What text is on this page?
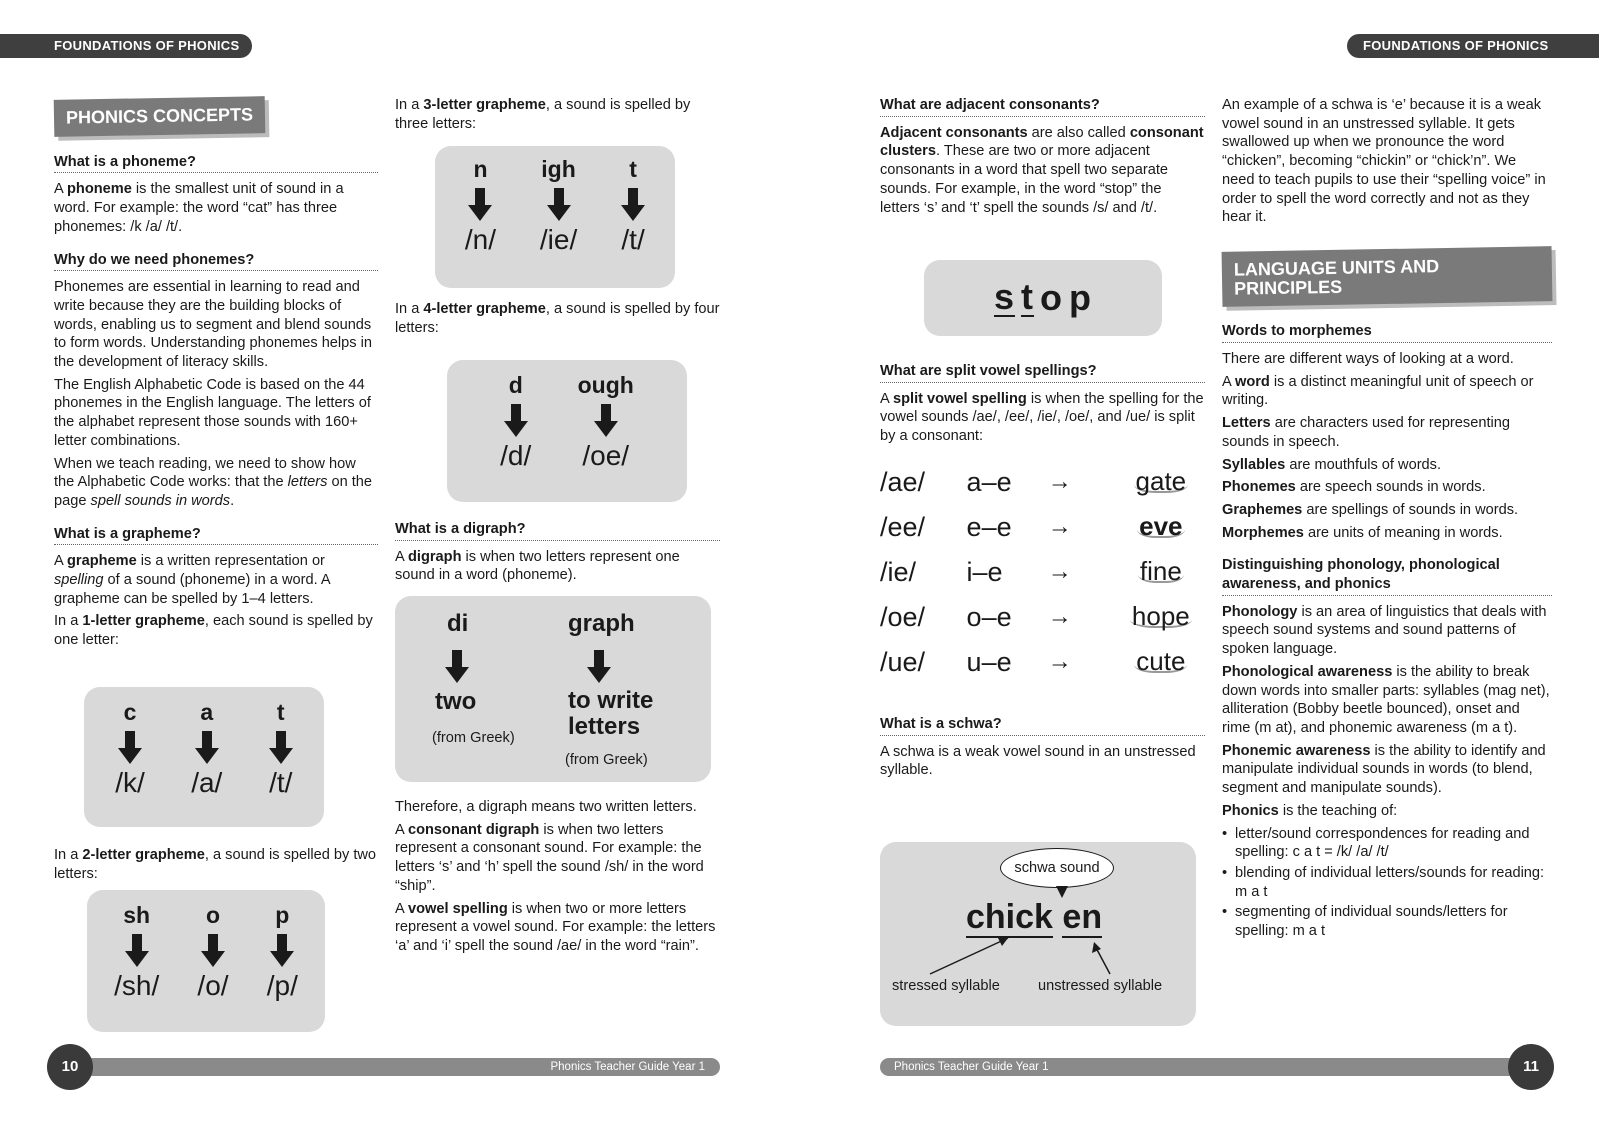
FOUNDATIONS OF PHONICS	FOUNDATIONS OF PHONICS
PHONICS CONCEPTS
What is a phoneme?

A phoneme is the smallest unit of sound in a word. For example: the word “cat” has three phonemes: /k /a/ /t/.

Why do we need phonemes?

Phonemes are essential in learning to read and write because they are the building blocks of words, enabling us to segment and blend sounds to form words. Understanding phonemes helps in the development of literacy skills.

The English Alphabetic Code is based on the 44 phonemes in the English language. The letters of the alphabet represent those sounds with 160+ letter combinations.

When we teach reading, we need to show how the Alphabetic Code works: that the letters on the page spell sounds in words.

What is a grapheme?

A grapheme is a written representation or spelling of a sound (phoneme) in a word. A grapheme can be spelled by 1–4 letters.

In a 1-letter grapheme, each sound is spelled by one letter:

c
/k/
a
/a/
t
/t/

In a 2-letter grapheme, a sound is spelled by two letters:

sh
/sh/
o
/o/
p
/p/

In a 3-letter grapheme, a sound is spelled by three letters:

n
/n/
igh
/ie/
t
/t/

In a 4-letter grapheme, a sound is spelled by four letters:

d
/d/
ough
/oe/
What is a digraph?

A digraph is when two letters represent one sound in a word (phoneme).

di
two
(from Greek)
graph
to write letters
(from Greek)

Therefore, a digraph means two written letters.

A consonant digraph is when two letters represent a consonant sound. For example: the letters ‘s’ and ‘h’ spell the sound /sh/ in the word “ship”.

A vowel spelling is when two or more letters represent a vowel sound. For example: the letters ‘a’ and ‘i’ spell the sound /ae/ in the word “rain”.

What are adjacent consonants?

Adjacent consonants are also called consonant clusters. These are two or more adjacent consonants in a word that spell two separate sounds. For example, in the word “stop” the letters ‘s’ and ‘t’ spell the sounds /s/ and /t/.

s t o p
What are split vowel spellings?

A split vowel spelling is when the spelling for the vowel sounds /ae/, /ee/, /ie/, /oe/, and /ue/ is split by a consonant:

/ae/	a–e	→	gate
/ee/	e–e	→	eve
/ie/	i–e	→	fine
/oe/	o–e	→	hope
/ue/	u–e	→	cute
What is a schwa?

A schwa is a weak vowel sound in an unstressed syllable.

schwa sound
chick en
stressed syllable	unstressed syllable

An example of a schwa is ‘e’ because it is a weak vowel sound in an unstressed syllable. It gets swallowed up when we pronounce the word “chicken”, becoming “chickin” or “chick’n”. We need to teach pupils to use their “spelling voice” in order to spell the word correctly and not as they hear it.

LANGUAGE UNITS AND PRINCIPLES
Words to morphemes

There are different ways of looking at a word.

A word is a distinct meaningful unit of speech or writing.

Letters are characters used for representing sounds in speech.

Syllables are mouthfuls of words.

Phonemes are speech sounds in words.

Graphemes are spellings of sounds in words.

Morphemes are units of meaning in words.

Distinguishing phonology, phonological awareness, and phonics

Phonology is an area of linguistics that deals with speech sound systems and sound patterns of spoken language.

Phonological awareness is the ability to break down words into smaller parts: syllables (mag net), alliteration (Bobby beetle bounced), onset and rime (m at), and phonemic awareness (m a t).

Phonemic awareness is the ability to identify and manipulate individual sounds in words (to blend, segment and manipulate sounds).

Phonics is the teaching of:

• letter/sound correspondences for reading and spelling: c a t = /k/ /a/ /t/
• blending of individual letters/sounds for reading: m a t
• segmenting of individual sounds/letters for spelling: m a t
Phonics Teacher Guide Year 1	Phonics Teacher Guide Year 1
10	11
